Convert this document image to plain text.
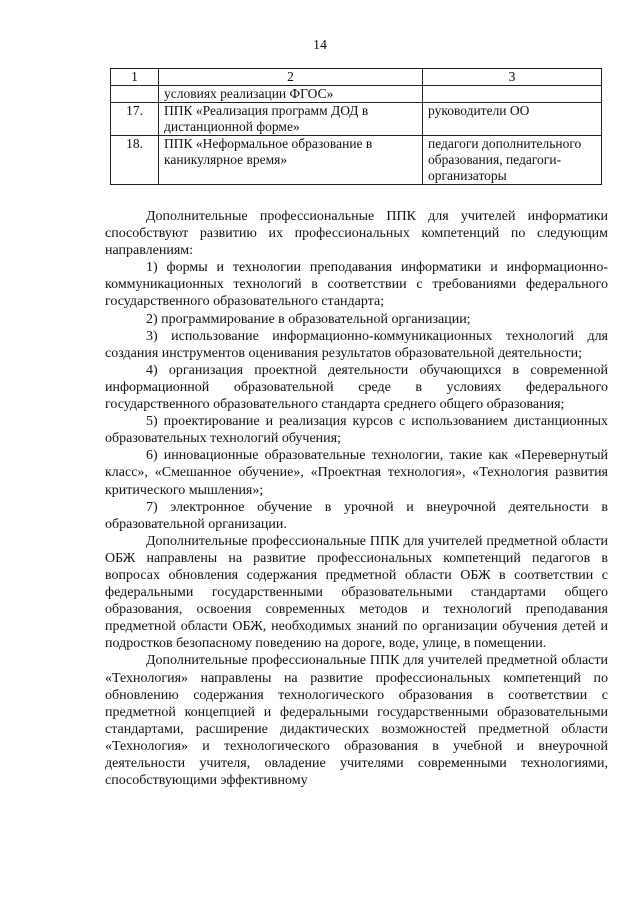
14
1	2	3
	условиях реализации ФГОС»	
17.	ППК «Реализация программ ДОД в дистанционной форме»	руководители ОО
18.	ППК «Неформальное образование в каникулярное время»	педагоги дополнительного образования, педагоги-организаторы

Дополнительные профессиональные ППК для учителей информатики способствуют развитию их профессиональных компетенций по следующим направлениям:

1) формы и технологии преподавания информатики и информационно-коммуникационных технологий в соответствии с требованиями федерального государственного образовательного стандарта;

2) программирование в образовательной организации;

3) использование информационно-коммуникационных технологий для создания инструментов оценивания результатов образовательной деятельности;

4) организация проектной деятельности обучающихся в современной информационной образовательной среде в условиях федерального государственного образовательного стандарта среднего общего образования;

5) проектирование и реализация курсов с использованием дистанционных образовательных технологий обучения;

6) инновационные образовательные технологии, такие как «Перевернутый класс», «Смешанное обучение», «Проектная технология», «Технология развития критического мышления»;

7) электронное обучение в урочной и внеурочной деятельности в образовательной организации.

Дополнительные профессиональные ППК для учителей предметной области ОБЖ направлены на развитие профессиональных компетенций педагогов в вопросах обновления содержания предметной области ОБЖ в соответствии с федеральными государственными образовательными стандартами общего образования, освоения современных методов и технологий преподавания предметной области ОБЖ, необходимых знаний по организации обучения детей и подростков безопасному поведению на дороге, воде, улице, в помещении.

Дополнительные профессиональные ППК для учителей предметной области «Технология» направлены на развитие профессиональных компетенций по обновлению содержания технологического образования в соответствии с предметной концепцией и федеральными государственными образовательными стандартами, расширение дидактических возможностей предметной области «Технология» и технологического образования в учебной и внеурочной деятельности учителя, овладение учителями современными технологиями, способствующими эффективному
